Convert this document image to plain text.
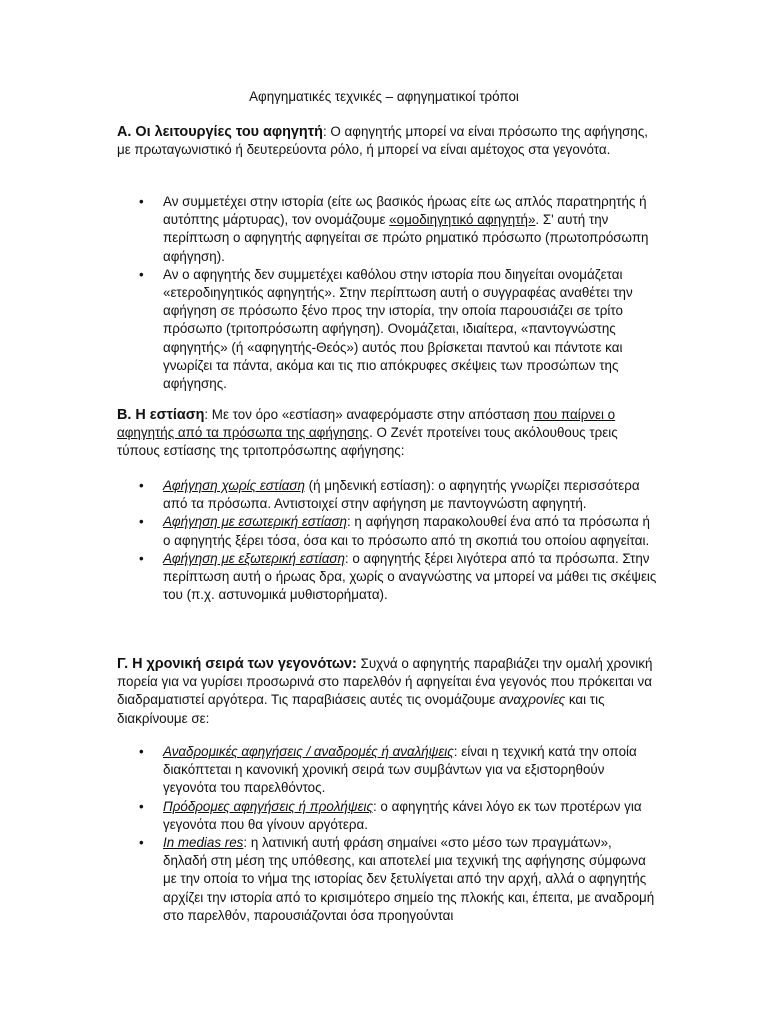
Αφηγηματικές τεχνικές – αφηγηματικοί τρόποι
Α. Οι λειτουργίες του αφηγητή: Ο αφηγητής μπορεί να είναι πρόσωπο της αφήγησης, με πρωταγωνιστικό ή δευτερεύοντα ρόλο, ή μπορεί να είναι αμέτοχος στα γεγονότα.
• Αν συμμετέχει στην ιστορία (είτε ως βασικός ήρωας είτε ως απλός παρατηρητής ή αυτόπτης μάρτυρας), τον ονομάζουμε «ομοδιηγητικό αφηγητή». Σ' αυτή την περίπτωση ο αφηγητής αφηγείται σε πρώτο ρηματικό πρόσωπο (πρωτοπρόσωπη αφήγηση).
• Αν ο αφηγητής δεν συμμετέχει καθόλου στην ιστορία που διηγείται ονομάζεται «ετεροδιηγητικός αφηγητής». Στην περίπτωση αυτή ο συγγραφέας αναθέτει την αφήγηση σε πρόσωπο ξένο προς την ιστορία, την οποία παρουσιάζει σε τρίτο πρόσωπο (τριτοπρόσωπη αφήγηση). Ονομάζεται, ιδιαίτερα, «παντογνώστης αφηγητής» (ή «αφηγητής-Θεός») αυτός που βρίσκεται παντού και πάντοτε και γνωρίζει τα πάντα, ακόμα και τις πιο απόκρυφες σκέψεις των προσώπων της αφήγησης.
Β. Η εστίαση: Με τον όρο «εστίαση» αναφερόμαστε στην απόσταση που παίρνει ο αφηγητής από τα πρόσωπα της αφήγησης. Ο Ζενέτ προτείνει τους ακόλουθους τρεις τύπους εστίασης της τριτοπρόσωπης αφήγησης:
• Αφήγηση χωρίς εστίαση (ή μηδενική εστίαση): ο αφηγητής γνωρίζει περισσότερα από τα πρόσωπα. Αντιστοιχεί στην αφήγηση με παντογνώστη αφηγητή.
• Αφήγηση με εσωτερική εστίαση: η αφήγηση παρακολουθεί ένα από τα πρόσωπα ή ο αφηγητής ξέρει τόσα, όσα και το πρόσωπο από τη σκοπιά του οποίου αφηγείται.
• Αφήγηση με εξωτερική εστίαση: ο αφηγητής ξέρει λιγότερα από τα πρόσωπα. Στην περίπτωση αυτή ο ήρωας δρα, χωρίς ο αναγνώστης να μπορεί να μάθει τις σκέψεις του (π.χ. αστυνομικά μυθιστορήματα).
Γ. Η χρονική σειρά των γεγονότων: Συχνά ο αφηγητής παραβιάζει την ομαλή χρονική πορεία για να γυρίσει προσωρινά στο παρελθόν ή αφηγείται ένα γεγονός που πρόκειται να διαδραματιστεί αργότερα. Τις παραβιάσεις αυτές τις ονομάζουμε αναχρονίες και τις διακρίνουμε σε:
• Αναδρομικές αφηγήσεις / αναδρομές ή αναλήψεις: είναι η τεχνική κατά την οποία διακόπτεται η κανονική χρονική σειρά των συμβάντων για να εξιστορηθούν γεγονότα του παρελθόντος.
• Πρόδρομες αφηγήσεις ή προλήψεις: ο αφηγητής κάνει λόγο εκ των προτέρων για γεγονότα που θα γίνουν αργότερα.
• In medias res: η λατινική αυτή φράση σημαίνει «στο μέσο των πραγμάτων», δηλαδή στη μέση της υπόθεσης, και αποτελεί μια τεχνική της αφήγησης σύμφωνα με την οποία το νήμα της ιστορίας δεν ξετυλίγεται από την αρχή, αλλά ο αφηγητής αρχίζει την ιστορία από το κρισιμότερο σημείο της πλοκής και, έπειτα, με αναδρομή στο παρελθόν, παρουσιάζονται όσα προηγούνται
